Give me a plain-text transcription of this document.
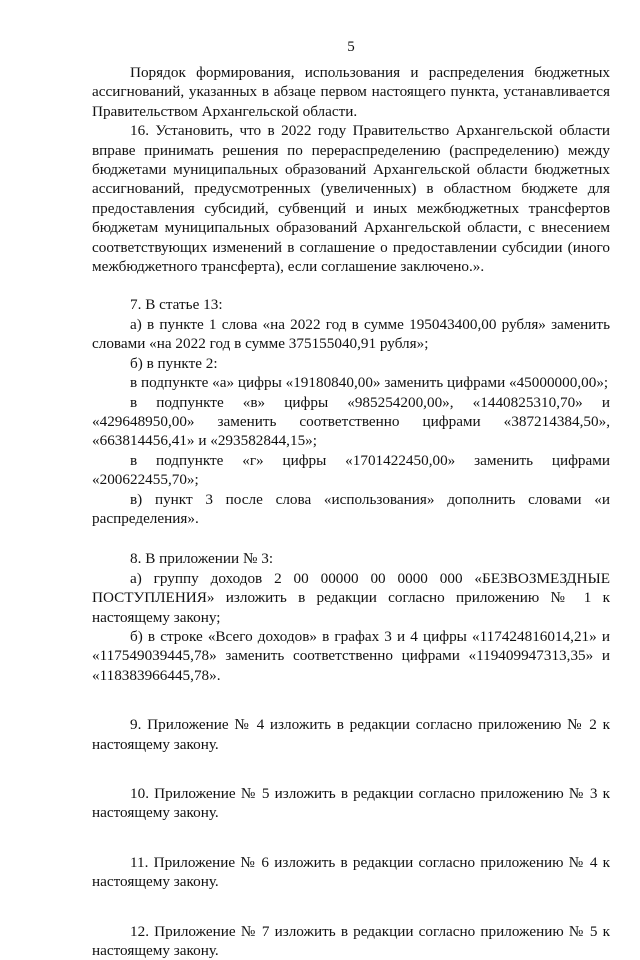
5

Порядок формирования, использования и распределения бюджетных ассигнований, указанных в абзаце первом настоящего пункта, устанавливается Правительством Архангельской области.

16. Установить, что в 2022 году Правительство Архангельской области вправе принимать решения по перераспределению (распределению) между бюджетами муниципальных образований Архангельской области бюджетных ассигнований, предусмотренных (увеличенных) в областном бюджете для предоставления субсидий, субвенций и иных межбюджетных трансфертов бюджетам муниципальных образований Архангельской области, с внесением соответствующих изменений в соглашение о предоставлении субсидии (иного межбюджетного трансферта), если соглашение заключено.».

7. В статье 13:

а) в пункте 1 слова «на 2022 год в сумме 195043400,00 рубля» заменить словами «на 2022 год в сумме 375155040,91 рубля»;

б) в пункте 2:

в подпункте «а» цифры «19180840,00» заменить цифрами «45000000,00»;

в подпункте «в» цифры «985254200,00», «1440825310,70» и «429648950,00» заменить соответственно цифрами «387214384,50», «663814456,41» и «293582844,15»;

в подпункте «г» цифры «1701422450,00» заменить цифрами «200622455,70»;

в) пункт 3 после слова «использования» дополнить словами «и распределения».

8. В приложении № 3:

а) группу доходов 2 00 00000 00 0000 000 «БЕЗВОЗМЕЗДНЫЕ ПОСТУПЛЕНИЯ» изложить в редакции согласно приложению № 1 к настоящему закону;

б) в строке «Всего доходов» в графах 3 и 4 цифры «117424816014,21» и «117549039445,78» заменить соответственно цифрами «119409947313,35» и «118383966445,78».

9. Приложение № 4 изложить в редакции согласно приложению № 2 к настоящему закону.

10. Приложение № 5 изложить в редакции согласно приложению № 3 к настоящему закону.

11. Приложение № 6 изложить в редакции согласно приложению № 4 к настоящему закону.

12. Приложение № 7 изложить в редакции согласно приложению № 5 к настоящему закону.
